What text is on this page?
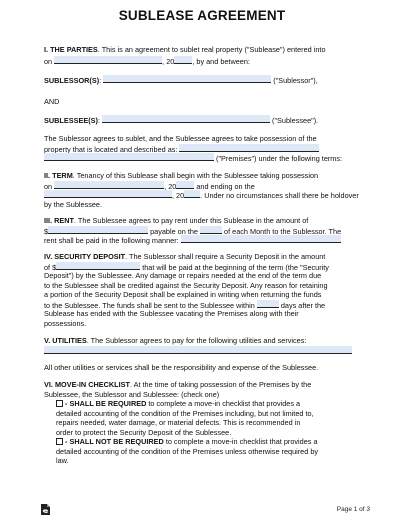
SUBLEASE AGREEMENT
I. THE PARTIES. This is an agreement to sublet real property ("Sublease") entered into
on	, 20 , by and between:
SUBLESSOR(S):	("Sublessor"),
AND
SUBLESSEE(S):	("Sublessee").
The Sublessor agrees to sublet, and the Sublessee agrees to take possession of the
property that is located and described as:
("Premises") under the following terms:
II. TERM. Tenancy of this Sublease shall begin with the Sublessee taking possession
on	, 20 and ending on the
, 20 . Under no circumstances shall there be holdover
by the Sublessee.
III. RENT. The Sublessee agrees to pay rent under this Sublease in the amount of
$	payable on the	of each Month to the Sublessor. The
rent shall be paid in the following manner:
IV. SECURITY DEPOSIT. The Sublessor shall require a Security Deposit in the amount
of $	that will be paid at the beginning of the term (the "Security
Deposit") by the Sublessee. Any damage or repairs needed at the end of the term due
to the Sublessee shall be credited against the Security Deposit. Any reason for retaining
a portion of the Security Deposit shall be explained in writing when returning the funds
to the Sublessee. The funds shall be sent to the Sublessee within	days after the
Sublease has ended with the Sublessee vacating the Premises along with their
possessions.
V. UTILITIES. The Sublessor agrees to pay for the following utilities and services:
All other utilities or services shall be the responsibility and expense of the Sublessee.
VI. MOVE-IN CHECKLIST. At the time of taking possession of the Premises by the
Sublessee, the Sublessor and Sublessee: (check one)
- SHALL BE REQUIRED to complete a move-in checklist that provides a
detailed accounting of the condition of the Premises including, but not limited to,
repairs needed, water damage, or material defects. This is recommended in
order to protect the Security Deposit of the Sublessee.
- SHALL NOT BE REQUIRED to complete a move-in checklist that provides a
detailed accounting of the condition of the Premises unless otherwise required by
law.
Page 1 of 3
